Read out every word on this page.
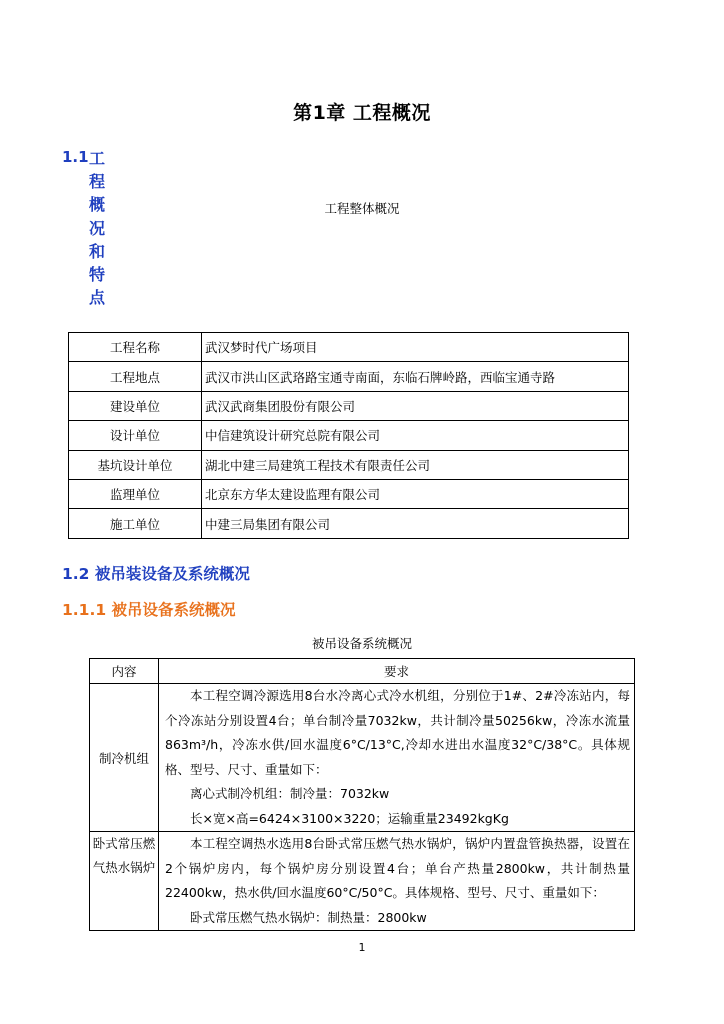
第1章 工程概况
1.1 工程概况和特点
工程整体概况
工程名称	武汉梦时代广场项目
工程地点	武汉市洪山区武珞路宝通寺南面，东临石牌岭路，西临宝通寺路
建设单位	武汉武商集团股份有限公司
设计单位	中信建筑设计研究总院有限公司
基坑设计单位	湖北中建三局建筑工程技术有限责任公司
监理单位	北京东方华太建设监理有限公司
施工单位	中建三局集团有限公司
1.2 被吊装设备及系统概况
1.1.1 被吊设备系统概况
被吊设备系统概况
内容	要求
制冷机组	本工程空调冷源选用8台水冷离心式冷水机组，分别位于1#、2#冷冻站内，每个冷冻站分别设置4台；单台制冷量7032kw，共计制冷量50256kw，冷冻水流量863m³/h，冷冻水供/回水温度6°C/13°C,冷却水进出水温度32°C/38°C。具体规格、型号、尺寸、重量如下：

离心式制冷机组：制冷量：7032kw

长×宽×高=6424×3100×3220；运输重量23492kgKg

卧式常压燃气热水锅炉	本工程空调热水选用8台卧式常压燃气热水锅炉，锅炉内置盘管换热器，设置在2个锅炉房内，每个锅炉房分别设置4台；单台产热量2800kw，共计制热量22400kw，热水供/回水温度60°C/50°C。具体规格、型号、尺寸、重量如下：

卧式常压燃气热水锅炉：制热量：2800kw

1
